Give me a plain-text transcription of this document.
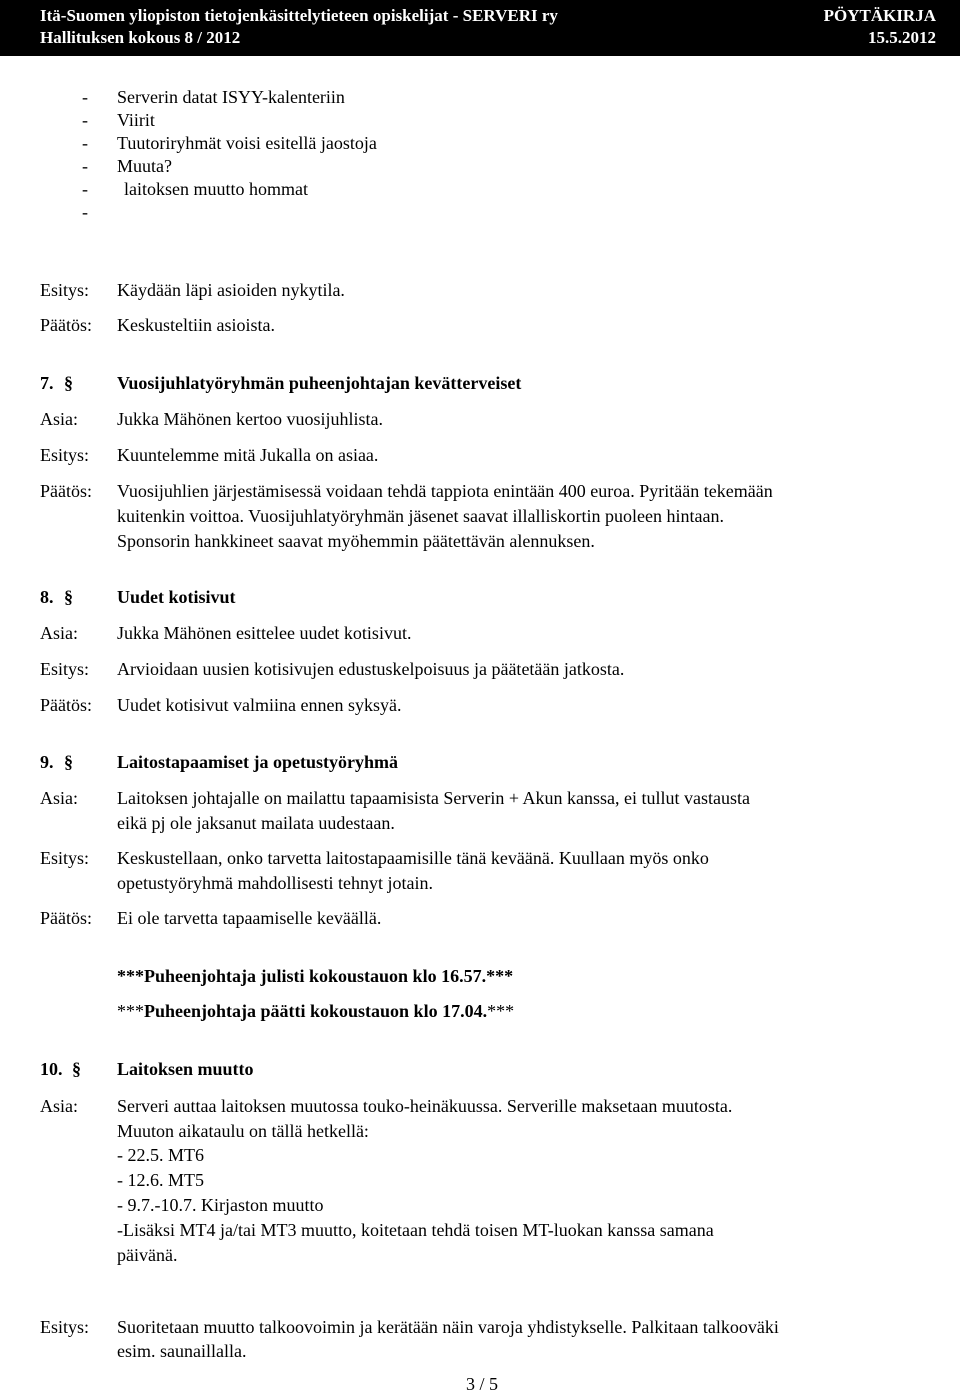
Itä-Suomen yliopiston tietojenkäsittelytieteen opiskelijat - SERVERI ry
Hallituksen kokous 8 / 2012
PÖYTÄKIRJA
15.5.2012
- Serverin datat ISYY-kalenteriin
- Viirit
- Tuutoriryhmät voisi esitellä jaostoja
- Muuta?
- laitoksen muutto hommat
-
Esitys: Käydään läpi asioiden nykytila.
Päätös: Keskusteltiin asioista.
7. § Vuosijuhlatyöryhmän puheenjohtajan kevätterveiset
Asia: Jukka Mähönen kertoo vuosijuhlista.
Esitys: Kuuntelemme mitä Jukalla on asiaa.
Päätös: Vuosijuhlien järjestämisessä voidaan tehdä tappiota enintään 400 euroa. Pyritään tekemään
kuitenkin voittoa. Vuosijuhlatyöryhmän jäsenet saavat illalliskortin puoleen hintaan.
Sponsorin hankkineet saavat myöhemmin päätettävän alennuksen.
8. § Uudet kotisivut
Asia: Jukka Mähönen esittelee uudet kotisivut.
Esitys: Arvioidaan uusien kotisivujen edustuskelpoisuus ja päätetään jatkosta.
Päätös: Uudet kotisivut valmiina ennen syksyä.
9. § Laitostapaamiset ja opetustyöryhmä
Asia: Laitoksen johtajalle on mailattu tapaamisista Serverin + Akun kanssa, ei tullut vastausta
eikä pj ole jaksanut mailata uudestaan.
Esitys: Keskustellaan, onko tarvetta laitostapaamisille tänä keväänä. Kuullaan myös onko
opetustyöryhmä mahdollisesti tehnyt jotain.
Päätös: Ei ole tarvetta tapaamiselle keväällä.
***Puheenjohtaja julisti kokoustauon klo 16.57.***
***Puheenjohtaja päätti kokoustauon klo 17.04.***
10. § Laitoksen muutto
Asia: Serveri auttaa laitoksen muutossa touko-heinäkuussa. Serverille maksetaan muutosta.
Muuton aikataulu on tällä hetkellä:
- 22.5. MT6
- 12.6. MT5
- 9.7.-10.7. Kirjaston muutto
-Lisäksi MT4 ja/tai MT3 muutto, koitetaan tehdä toisen MT-luokan kanssa samana
päivänä.
Esitys: Suoritetaan muutto talkoovoimin ja kerätään näin varoja yhdistykselle. Palkitaan talkooväki
esim. saunaillalla.
3 / 5
